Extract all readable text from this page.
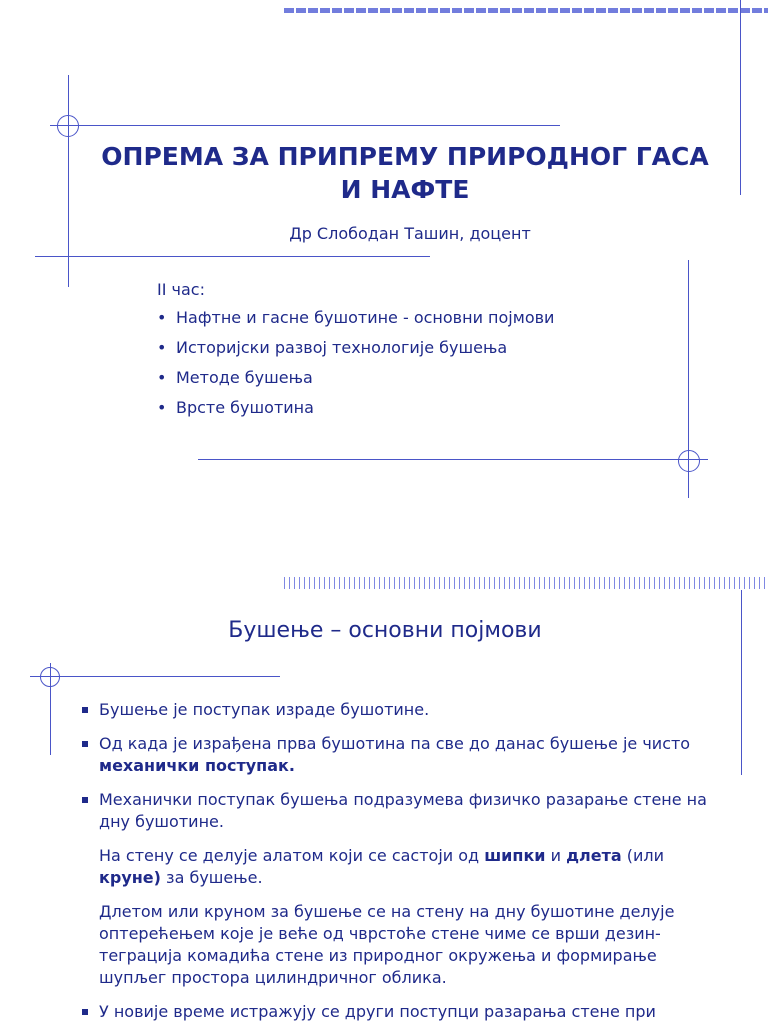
ОПРЕМА ЗА ПРИПРЕМУ ПРИРОДНОГ ГАСА
И НАФТЕ
Др Слободан Ташин, доцент
II час:
• Нафтне и гасне бушотине - основни појмови
• Историјски развој технологије бушења
• Методе бушења
• Врсте бушотина
Бушење – основни појмови
Бушење је поступак израде бушотине.
Од када је израђена прва бушотина па све до данас бушење је чисто механички поступак.
Механички поступак бушења подразумева физичко разарање стене на дну бушотине.
На стену се делује алатом који се састоји од шипки и длета (или круне) за бушење.
Длетом или круном за бушење се на стену на дну бушотине делује оптерећењем које је веће од чврстоће стене чиме се врши дезин-теграција комадића стене из природног окружења и формирање шупљег простора цилиндричног облика.
У новије време истражују се други поступци разарања стене при
